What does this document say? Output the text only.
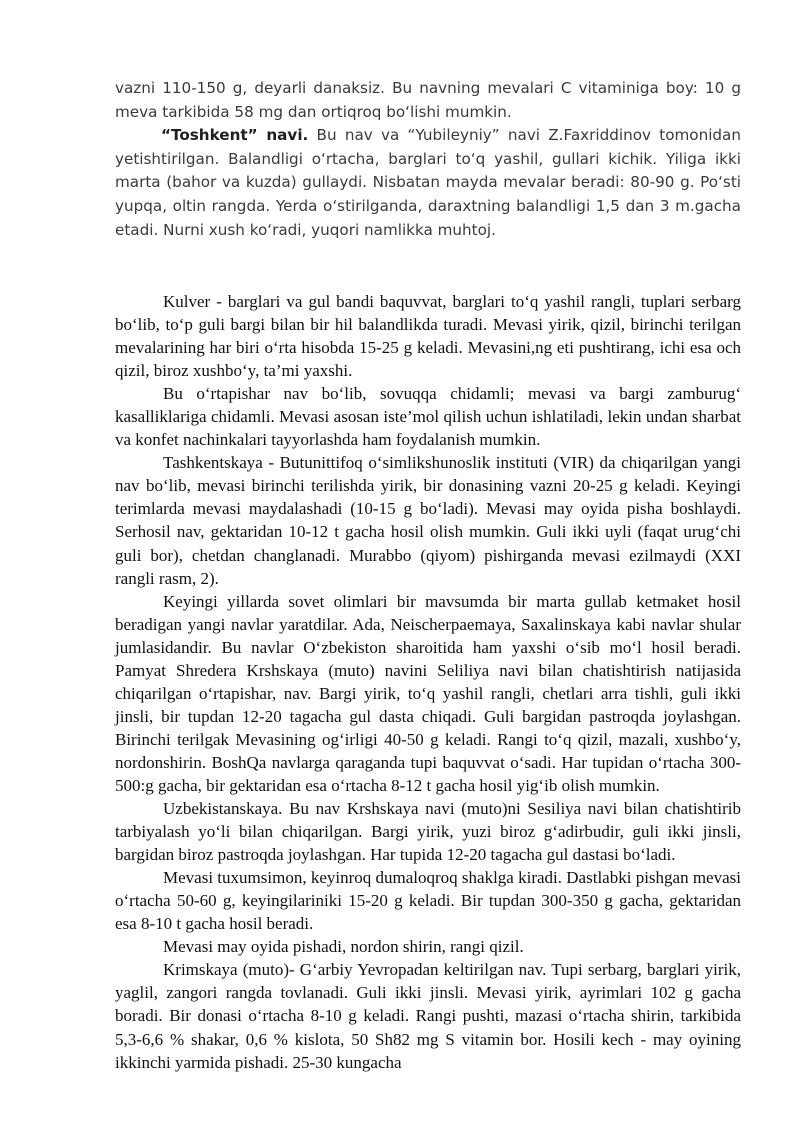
vazni 110-150 g, deyarli danaksiz. Bu navning mevalari C vitaminiga boy: 10 g meva tarkibida 58 mg dan ortiqroq bo‘lishi mumkin.

“Toshkent” navi. Bu nav va “Yubileyniy” navi Z.Faxriddinov tomonidan yetishtirilgan. Balandligi o‘rtacha, barglari to‘q yashil, gullari kichik. Yiliga ikki marta (bahor va kuzda) gullaydi. Nisbatan mayda mevalar beradi: 80-90 g. Po‘sti yupqa, oltin rangda. Yerda o‘stirilganda, daraxtning balandligi 1,5 dan 3 m.gacha etadi. Nurni xush ko‘radi, yuqori namlikka muhtoj.

Kulver - barglari va gul bandi baquvvat, barglari to‘q yashil rangli, tuplari serbarg bo‘lib, to‘p guli bargi bilan bir hil balandlikda turadi. Mevasi yirik, qizil, birinchi terilgan mevalarining har biri o‘rta hisobda 15-25 g keladi. Mevasini,ng eti pushtirang, ichi esa och qizil, biroz xushbo‘y, ta’mi yaxshi.

Bu o‘rtapishar nav bo‘lib, sovuqqa chidamli; mevasi va bargi zamburug‘ kasalliklariga chidamli. Mevasi asosan iste’mol qilish uchun ishlatiladi, lekin undan sharbat va konfet nachinkalari tayyorlashda ham foydalanish mumkin.

Tashkentskaya - Butunittifoq o‘simlikshunoslik instituti (VIR) da chiqarilgan yangi nav bo‘lib, mevasi birinchi terilishda yirik, bir donasining vazni 20-25 g keladi. Keyingi terimlarda mevasi maydalashadi (10-15 g bo‘ladi). Mevasi may oyida pisha boshlaydi. Serhosil nav, gektaridan 10-12 t gacha hosil olish mumkin. Guli ikki uyli (faqat urug‘chi guli bor), chetdan changlanadi. Murabbo (qiyom) pishirganda mevasi ezilmaydi (XXI rangli rasm, 2).

Keyingi yillarda sovet olimlari bir mavsumda bir marta gullab ketmaket hosil beradigan yangi navlar yaratdilar. Ada, Neischerpaemaya, Saxalinskaya kabi navlar shular jumlasidandir. Bu navlar O‘zbekiston sharoitida ham yaxshi o‘sib mo‘l hosil beradi. Pamyat Shredera Krshskaya (muto) navini Seliliya navi bilan chatishtirish natijasida chiqarilgan o‘rtapishar, nav. Bargi yirik, to‘q yashil rangli, chetlari arra tishli, guli ikki jinsli, bir tupdan 12-20 tagacha gul dasta chiqadi. Guli bargidan pastroqda joylashgan. Birinchi terilgak Mevasining og‘irligi 40-50 g keladi. Rangi to‘q qizil, mazali, xushbo‘y, nordonshirin. BoshQa navlarga qaraganda tupi baquvvat o‘sadi. Har tupidan o‘rtacha 300-500:g gacha, bir gektaridan esa o‘rtacha 8-12 t gacha hosil yig‘ib olish mumkin.

Uzbekistanskaya. Bu nav Krshskaya navi (muto)ni Sesiliya navi bilan chatishtirib tarbiyalash yo‘li bilan chiqarilgan. Bargi yirik, yuzi biroz g‘adirbudir, guli ikki jinsli, bargidan biroz pastroqda joylashgan. Har tupida 12-20 tagacha gul dastasi bo‘ladi.

Mevasi tuxumsimon, keyinroq dumaloqroq shaklga kiradi. Dastlabki pishgan mevasi o‘rtacha 50-60 g, keyingilariniki 15-20 g keladi. Bir tupdan 300-350 g gacha, gektaridan esa 8-10 t gacha hosil beradi.

Mevasi may oyida pishadi, nordon shirin, rangi qizil.

Krimskaya (muto)- G‘arbiy Yevropadan keltirilgan nav. Tupi serbarg, barglari yirik, yaglil, zangori rangda tovlanadi. Guli ikki jinsli. Mevasi yirik, ayrimlari 102 g gacha boradi. Bir donasi o‘rtacha 8-10 g keladi. Rangi pushti, mazasi o‘rtacha shirin, tarkibida 5,3-6,6 % shakar, 0,6 % kislota, 50 Sh82 mg S vitamin bor. Hosili kech - may oyining ikkinchi yarmida pishadi. 25-30 kungacha
